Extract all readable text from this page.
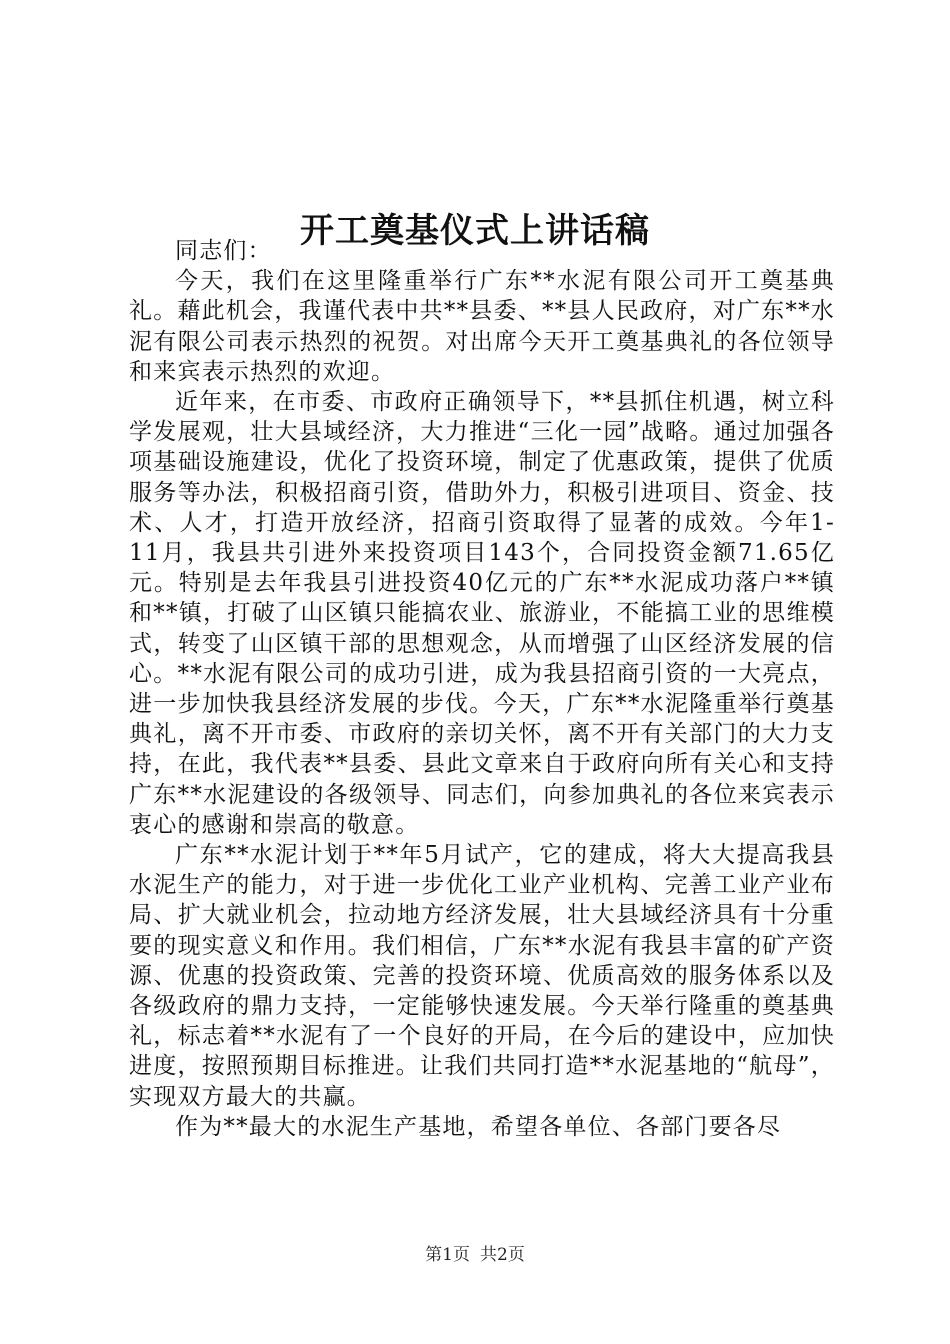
开工奠基仪式上讲话稿

同志们：

今天，我们在这里隆重举行广东**水泥有限公司开工奠基典礼。藉此机会，我谨代表中共**县委、**县人民政府，对广东**水泥有限公司表示热烈的祝贺。对出席今天开工奠基典礼的各位领导和来宾表示热烈的欢迎。

近年来，在市委、市政府正确领导下，**县抓住机遇，树立科学发展观，壮大县域经济，大力推进“三化一园”战略。通过加强各项基础设施建设，优化了投资环境，制定了优惠政策，提供了优质服务等办法，积极招商引资，借助外力，积极引进项目、资金、技术、人才，打造开放经济，招商引资取得了显著的成效。今年1-11月，我县共引进外来投资项目143个，合同投资金额71.65亿元。特别是去年我县引进投资40亿元的广东**水泥成功落户**镇和**镇，打破了山区镇只能搞农业、旅游业，不能搞工业的思维模式，转变了山区镇干部的思想观念，从而增强了山区经济发展的信心。**水泥有限公司的成功引进，成为我县招商引资的一大亮点，进一步加快我县经济发展的步伐。今天，广东**水泥隆重举行奠基典礼，离不开市委、市政府的亲切关怀，离不开有关部门的大力支持，在此，我代表**县委、县此文章来自于政府向所有关心和支持广东**水泥建设的各级领导、同志们，向参加典礼的各位来宾表示衷心的感谢和崇高的敬意。

广东**水泥计划于**年5月试产，它的建成，将大大提高我县水泥生产的能力，对于进一步优化工业产业机构、完善工业产业布局、扩大就业机会，拉动地方经济发展，壮大县域经济具有十分重要的现实意义和作用。我们相信，广东**水泥有我县丰富的矿产资源、优惠的投资政策、完善的投资环境、优质高效的服务体系以及各级政府的鼎力支持，一定能够快速发展。今天举行隆重的奠基典礼，标志着**水泥有了一个良好的开局，在今后的建设中，应加快进度，按照预期目标推进。让我们共同打造**水泥基地的“航母”，实现双方最大的共赢。

作为**最大的水泥生产基地，希望各单位、各部门要各尽

第1页 共2页
